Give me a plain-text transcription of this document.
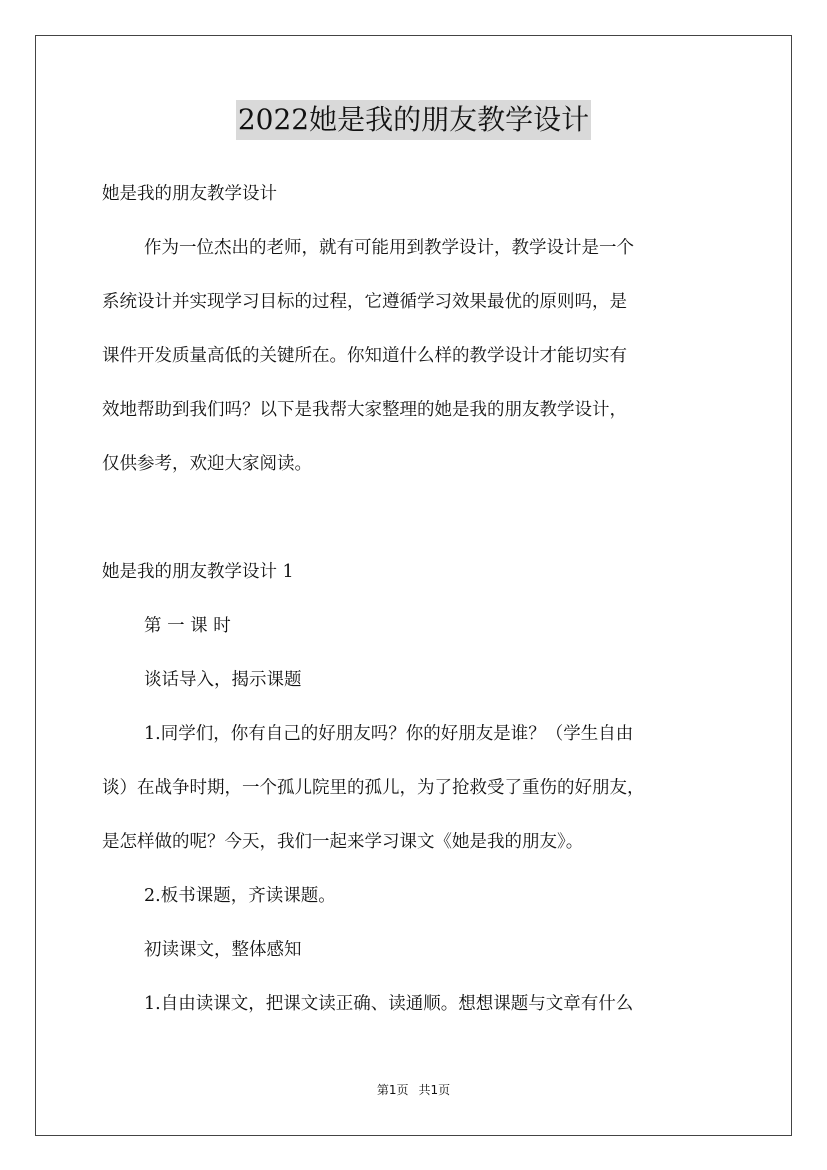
2022她是我的朋友教学设计
她是我的朋友教学设计
作为一位杰出的老师，就有可能用到教学设计，教学设计是一个
系统设计并实现学习目标的过程，它遵循学习效果最优的原则吗，是
课件开发质量高低的关键所在。你知道什么样的教学设计才能切实有
效地帮助到我们吗？以下是我帮大家整理的她是我的朋友教学设计，
仅供参考，欢迎大家阅读。
她是我的朋友教学设计 1
第 一 课 时
谈话导入，揭示课题
1.同学们，你有自己的好朋友吗？你的好朋友是谁？（学生自由
谈）在战争时期，一个孤儿院里的孤儿，为了抢救受了重伤的好朋友，
是怎样做的呢？今天，我们一起来学习课文《她是我的朋友》。
2.板书课题，齐读课题。
初读课文，整体感知
1.自由读课文，把课文读正确、读通顺。想想课题与文章有什么
第1页 共1页
